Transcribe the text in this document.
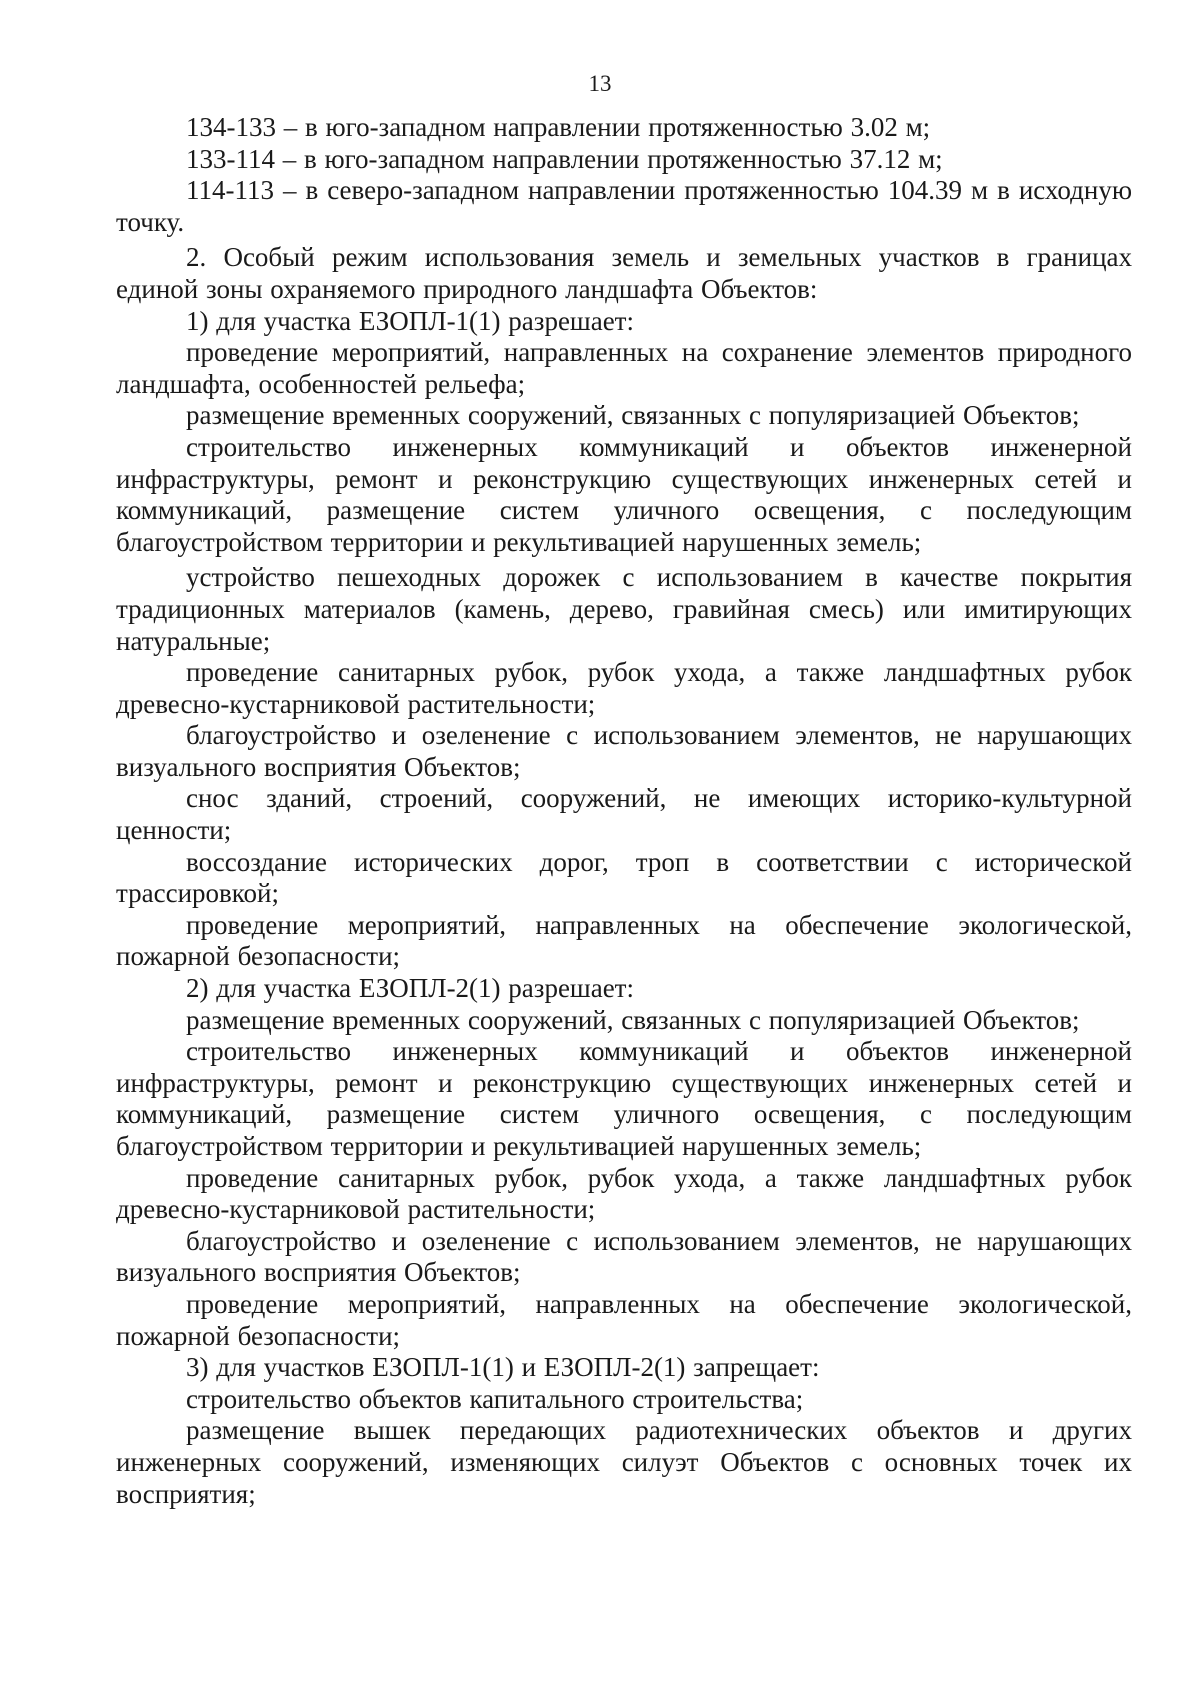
13

134-133 – в юго-западном направлении протяженностью 3.02 м;

133-114 – в юго-западном направлении протяженностью 37.12 м;

114-113 – в северо-западном направлении протяженностью 104.39 м в исходную точку.

2. Особый режим использования земель и земельных участков в границах единой зоны охраняемого природного ландшафта Объектов:

1) для участка ЕЗОПЛ-1(1) разрешает:

проведение мероприятий, направленных на сохранение элементов природного ландшафта, особенностей рельефа;

размещение временных сооружений, связанных с популяризацией Объектов;

строительство инженерных коммуникаций и объектов инженерной инфраструктуры, ремонт и реконструкцию существующих инженерных сетей и коммуникаций, размещение систем уличного освещения, с последующим благоустройством территории и рекультивацией нарушенных земель;

устройство пешеходных дорожек с использованием в качестве покрытия традиционных материалов (камень, дерево, гравийная смесь) или имитирующих натуральные;

проведение санитарных рубок, рубок ухода, а также ландшафтных рубок древесно-кустарниковой растительности;

благоустройство и озеленение с использованием элементов, не нарушающих визуального восприятия Объектов;

снос зданий, строений, сооружений, не имеющих историко-культурной ценности;

воссоздание исторических дорог, троп в соответствии с исторической трассировкой;

проведение мероприятий, направленных на обеспечение экологической, пожарной безопасности;

2) для участка ЕЗОПЛ-2(1) разрешает:

размещение временных сооружений, связанных с популяризацией Объектов;

строительство инженерных коммуникаций и объектов инженерной инфраструктуры, ремонт и реконструкцию существующих инженерных сетей и коммуникаций, размещение систем уличного освещения, с последующим благоустройством территории и рекультивацией нарушенных земель;

проведение санитарных рубок, рубок ухода, а также ландшафтных рубок древесно-кустарниковой растительности;

благоустройство и озеленение с использованием элементов, не нарушающих визуального восприятия Объектов;

проведение мероприятий, направленных на обеспечение экологической, пожарной безопасности;

3) для участков ЕЗОПЛ-1(1) и ЕЗОПЛ-2(1) запрещает:

строительство объектов капитального строительства;

размещение вышек передающих радиотехнических объектов и других инженерных сооружений, изменяющих силуэт Объектов с основных точек их восприятия;
